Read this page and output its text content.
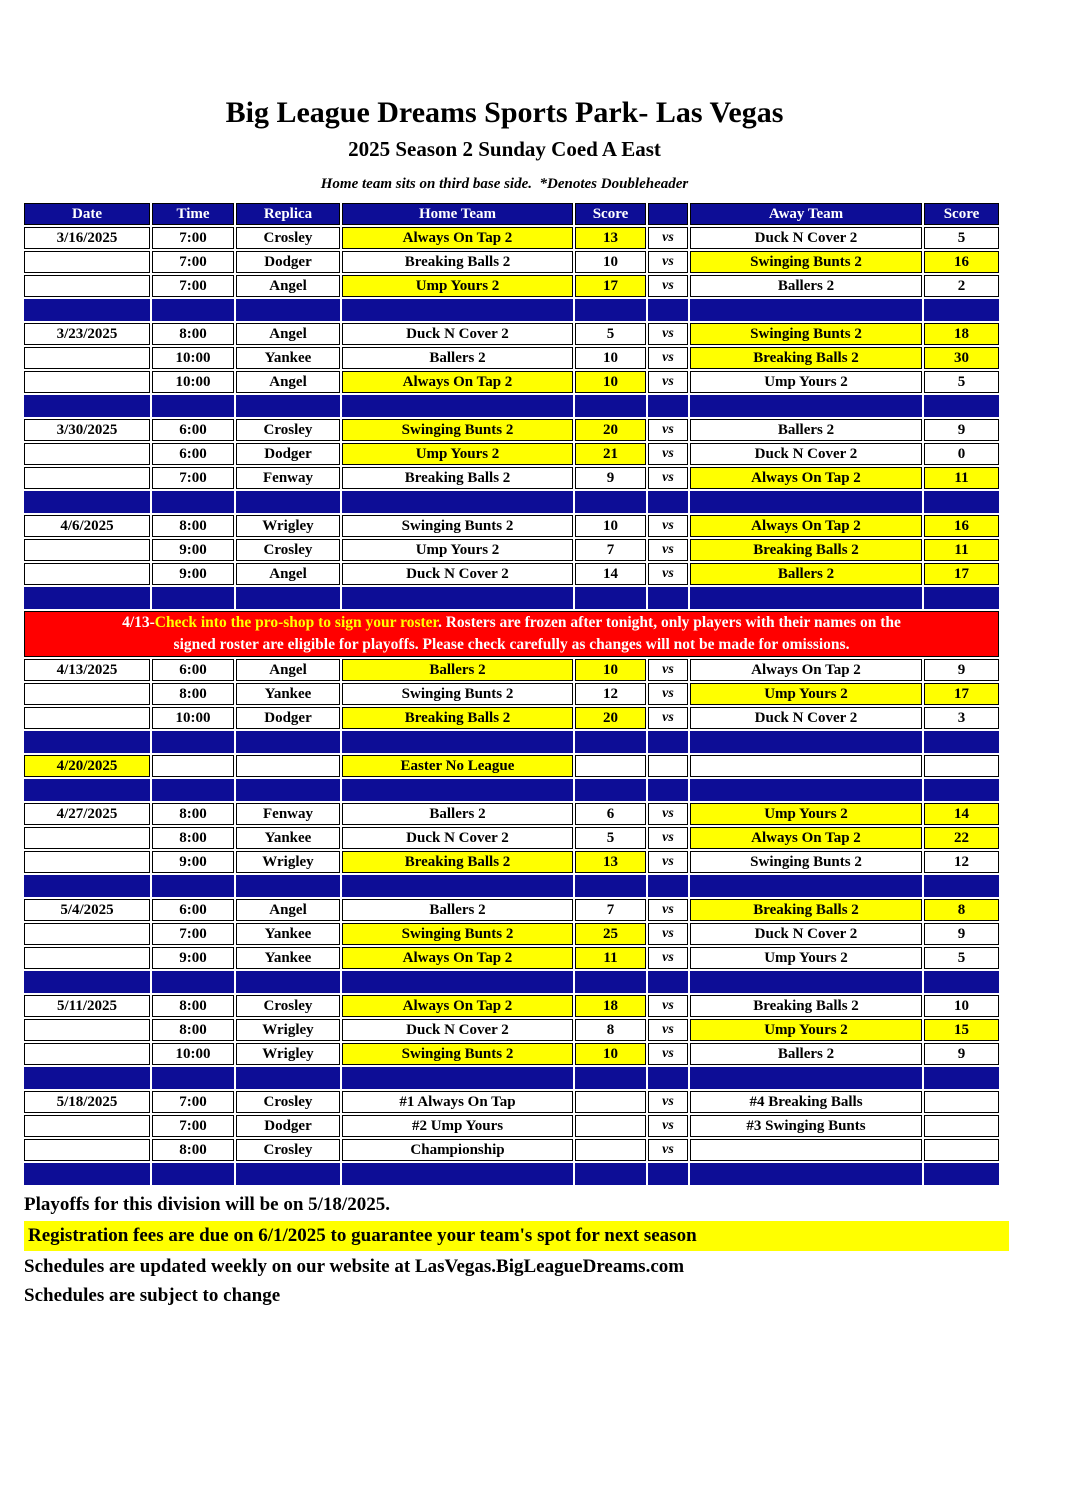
Big League Dreams Sports Park- Las Vegas
2025 Season 2 Sunday Coed A East
Home team sits on third base side.  *Denotes Doubleheader
Date	Time	Replica	Home Team	Score		Away Team	Score
3/16/2025	7:00	Crosley	Always On Tap 2	13	vs	Duck N Cover 2	5
	7:00	Dodger	Breaking Balls 2	10	vs	Swinging Bunts 2	16
	7:00	Angel	Ump Yours 2	17	vs	Ballers 2	2

3/23/2025	8:00	Angel	Duck N Cover 2	5	vs	Swinging Bunts 2	18
	10:00	Yankee	Ballers 2	10	vs	Breaking Balls 2	30
	10:00	Angel	Always On Tap 2	10	vs	Ump Yours 2	5

3/30/2025	6:00	Crosley	Swinging Bunts 2	20	vs	Ballers 2	9
	6:00	Dodger	Ump Yours 2	21	vs	Duck N Cover 2	0
	7:00	Fenway	Breaking Balls 2	9	vs	Always On Tap 2	11

4/6/2025	8:00	Wrigley	Swinging Bunts 2	10	vs	Always On Tap 2	16
	9:00	Crosley	Ump Yours 2	7	vs	Breaking Balls 2	11
	9:00	Angel	Duck N Cover 2	14	vs	Ballers 2	17

4/13-Check into the pro-shop to sign your roster. Rosters are frozen after tonight, only players with their names on the
signed roster are eligible for playoffs. Please check carefully as changes will not be made for omissions.							

4/13/2025	6:00	Angel	Ballers 2	10	vs	Always On Tap 2	9
	8:00	Yankee	Swinging Bunts 2	12	vs	Ump Yours 2	17
	10:00	Dodger	Breaking Balls 2	20	vs	Duck N Cover 2	3

4/20/2025			Easter No League				

4/27/2025	8:00	Fenway	Ballers 2	6	vs	Ump Yours 2	14
	8:00	Yankee	Duck N Cover 2	5	vs	Always On Tap 2	22
	9:00	Wrigley	Breaking Balls 2	13	vs	Swinging Bunts 2	12

5/4/2025	6:00	Angel	Ballers 2	7	vs	Breaking Balls 2	8
	7:00	Yankee	Swinging Bunts 2	25	vs	Duck N Cover 2	9
	9:00	Yankee	Always On Tap 2	11	vs	Ump Yours 2	5

5/11/2025	8:00	Crosley	Always On Tap 2	18	vs	Breaking Balls 2	10
	8:00	Wrigley	Duck N Cover 2	8	vs	Ump Yours 2	15
	10:00	Wrigley	Swinging Bunts 2	10	vs	Ballers 2	9

5/18/2025	7:00	Crosley	#1 Always On Tap		vs	#4 Breaking Balls	
	7:00	Dodger	#2 Ump Yours		vs	#3 Swinging Bunts	
	8:00	Crosley	Championship		vs		

Playoffs for this division will be on 5/18/2025.
Registration fees are due on 6/1/2025 to guarantee your team's spot for next season
Schedules are updated weekly on our website at LasVegas.BigLeagueDreams.com
Schedules are subject to change
